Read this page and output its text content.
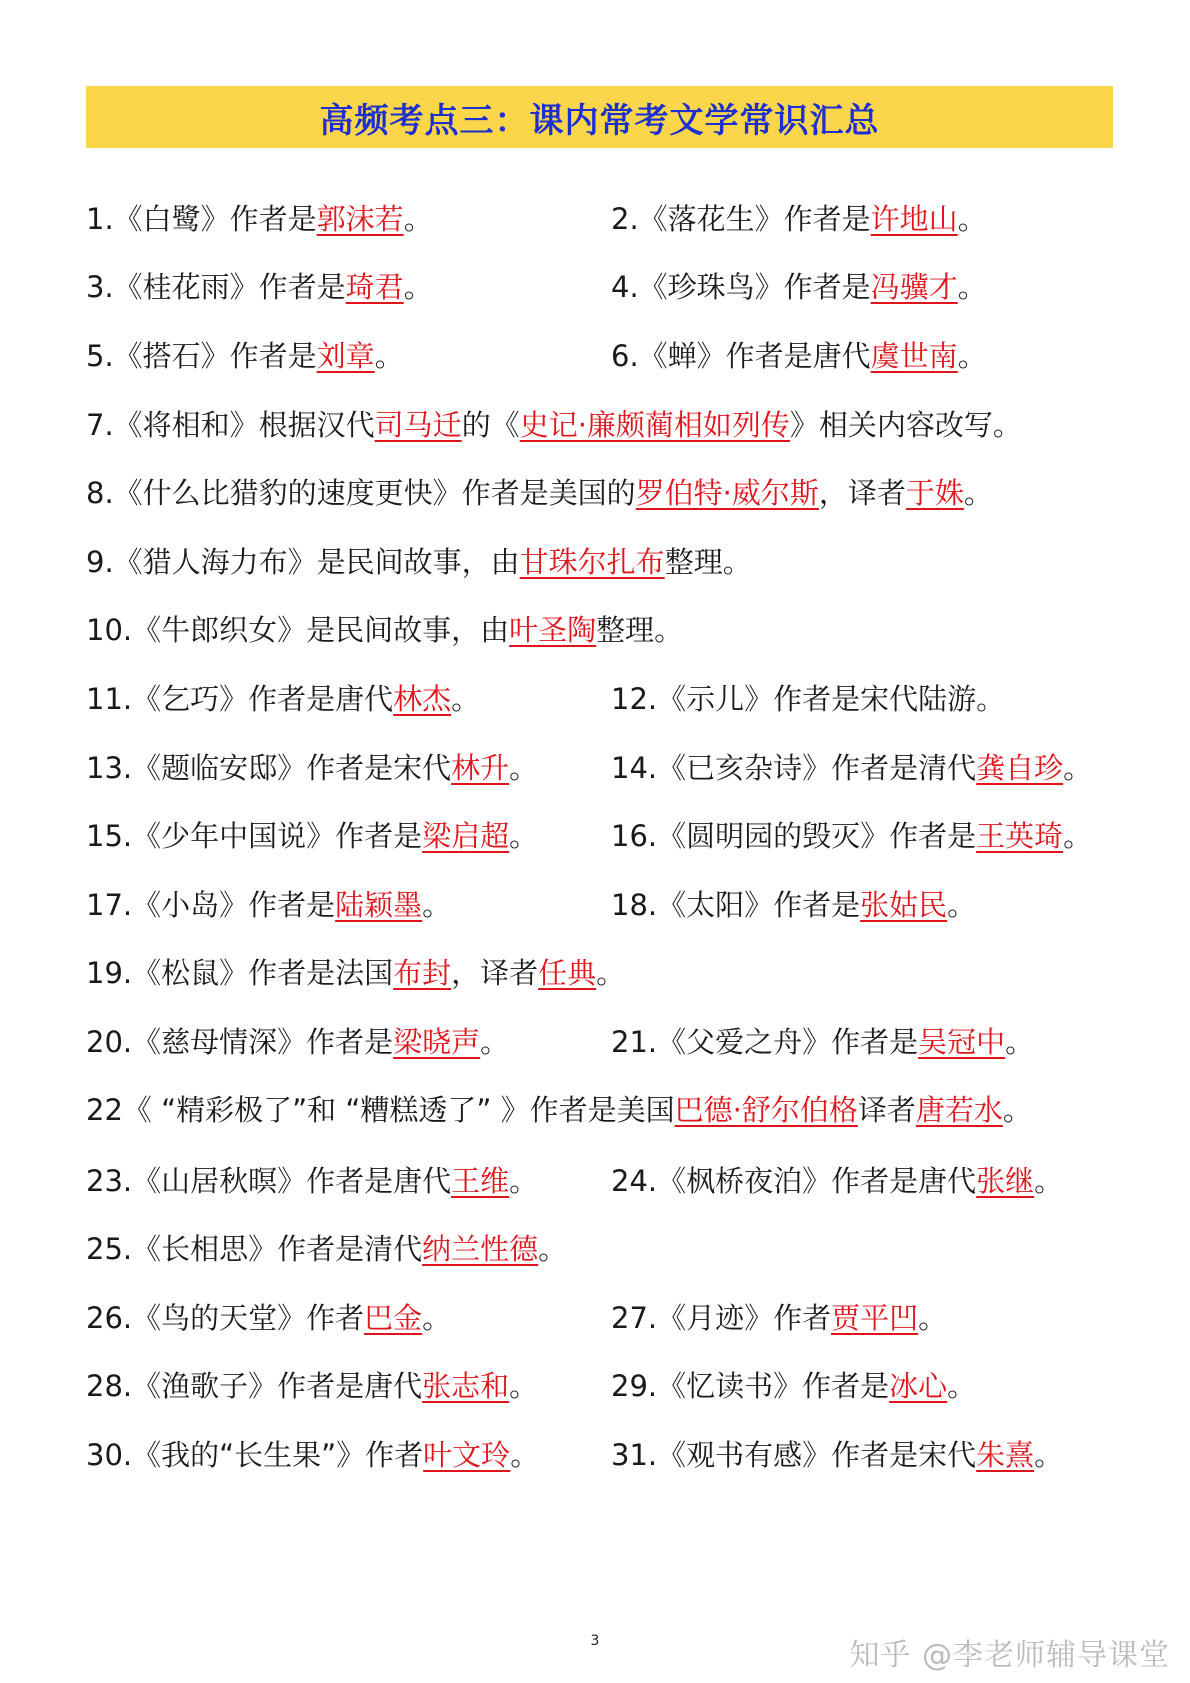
高频考点三：课内常考文学常识汇总
1.《白鹭》作者是郭沫若。	2.《落花生》作者是许地山。
3.《桂花雨》作者是琦君。	4.《珍珠鸟》作者是冯骥才。
5.《搭石》作者是刘章。	6.《蝉》作者是唐代虞世南。
7.《将相和》根据汉代司马迁的《史记·廉颇蔺相如列传》相关内容改写。
8.《什么比猎豹的速度更快》作者是美国的罗伯特·威尔斯，译者于姝。
9.《猎人海力布》是民间故事，由甘珠尔扎布整理。
10.《牛郎织女》是民间故事，由叶圣陶整理。
11.《乞巧》作者是唐代林杰。	12.《示儿》作者是宋代陆游。
13.《题临安邸》作者是宋代林升。	14.《已亥杂诗》作者是清代龚自珍。
15.《少年中国说》作者是梁启超。	16.《圆明园的毁灭》作者是王英琦。
17.《小岛》作者是陆颖墨。	18.《太阳》作者是张姑民。
19.《松鼠》作者是法国布封，译者任典。
20.《慈母情深》作者是梁晓声。	21.《父爱之舟》作者是吴冠中。
22《 “精彩极了”和 “糟糕透了” 》作者是美国巴德·舒尔伯格译者唐若水。
23.《山居秋暝》作者是唐代王维。	24.《枫桥夜泊》作者是唐代张继。
25.《长相思》作者是清代纳兰性德。
26.《鸟的天堂》作者巴金。	27.《月迹》作者贾平凹。
28.《渔歌子》作者是唐代张志和。	29.《忆读书》作者是冰心。
30.《我的“长生果”》作者叶文玲。	31.《观书有感》作者是宋代朱熹。
3	知乎 @李老师辅导课堂
